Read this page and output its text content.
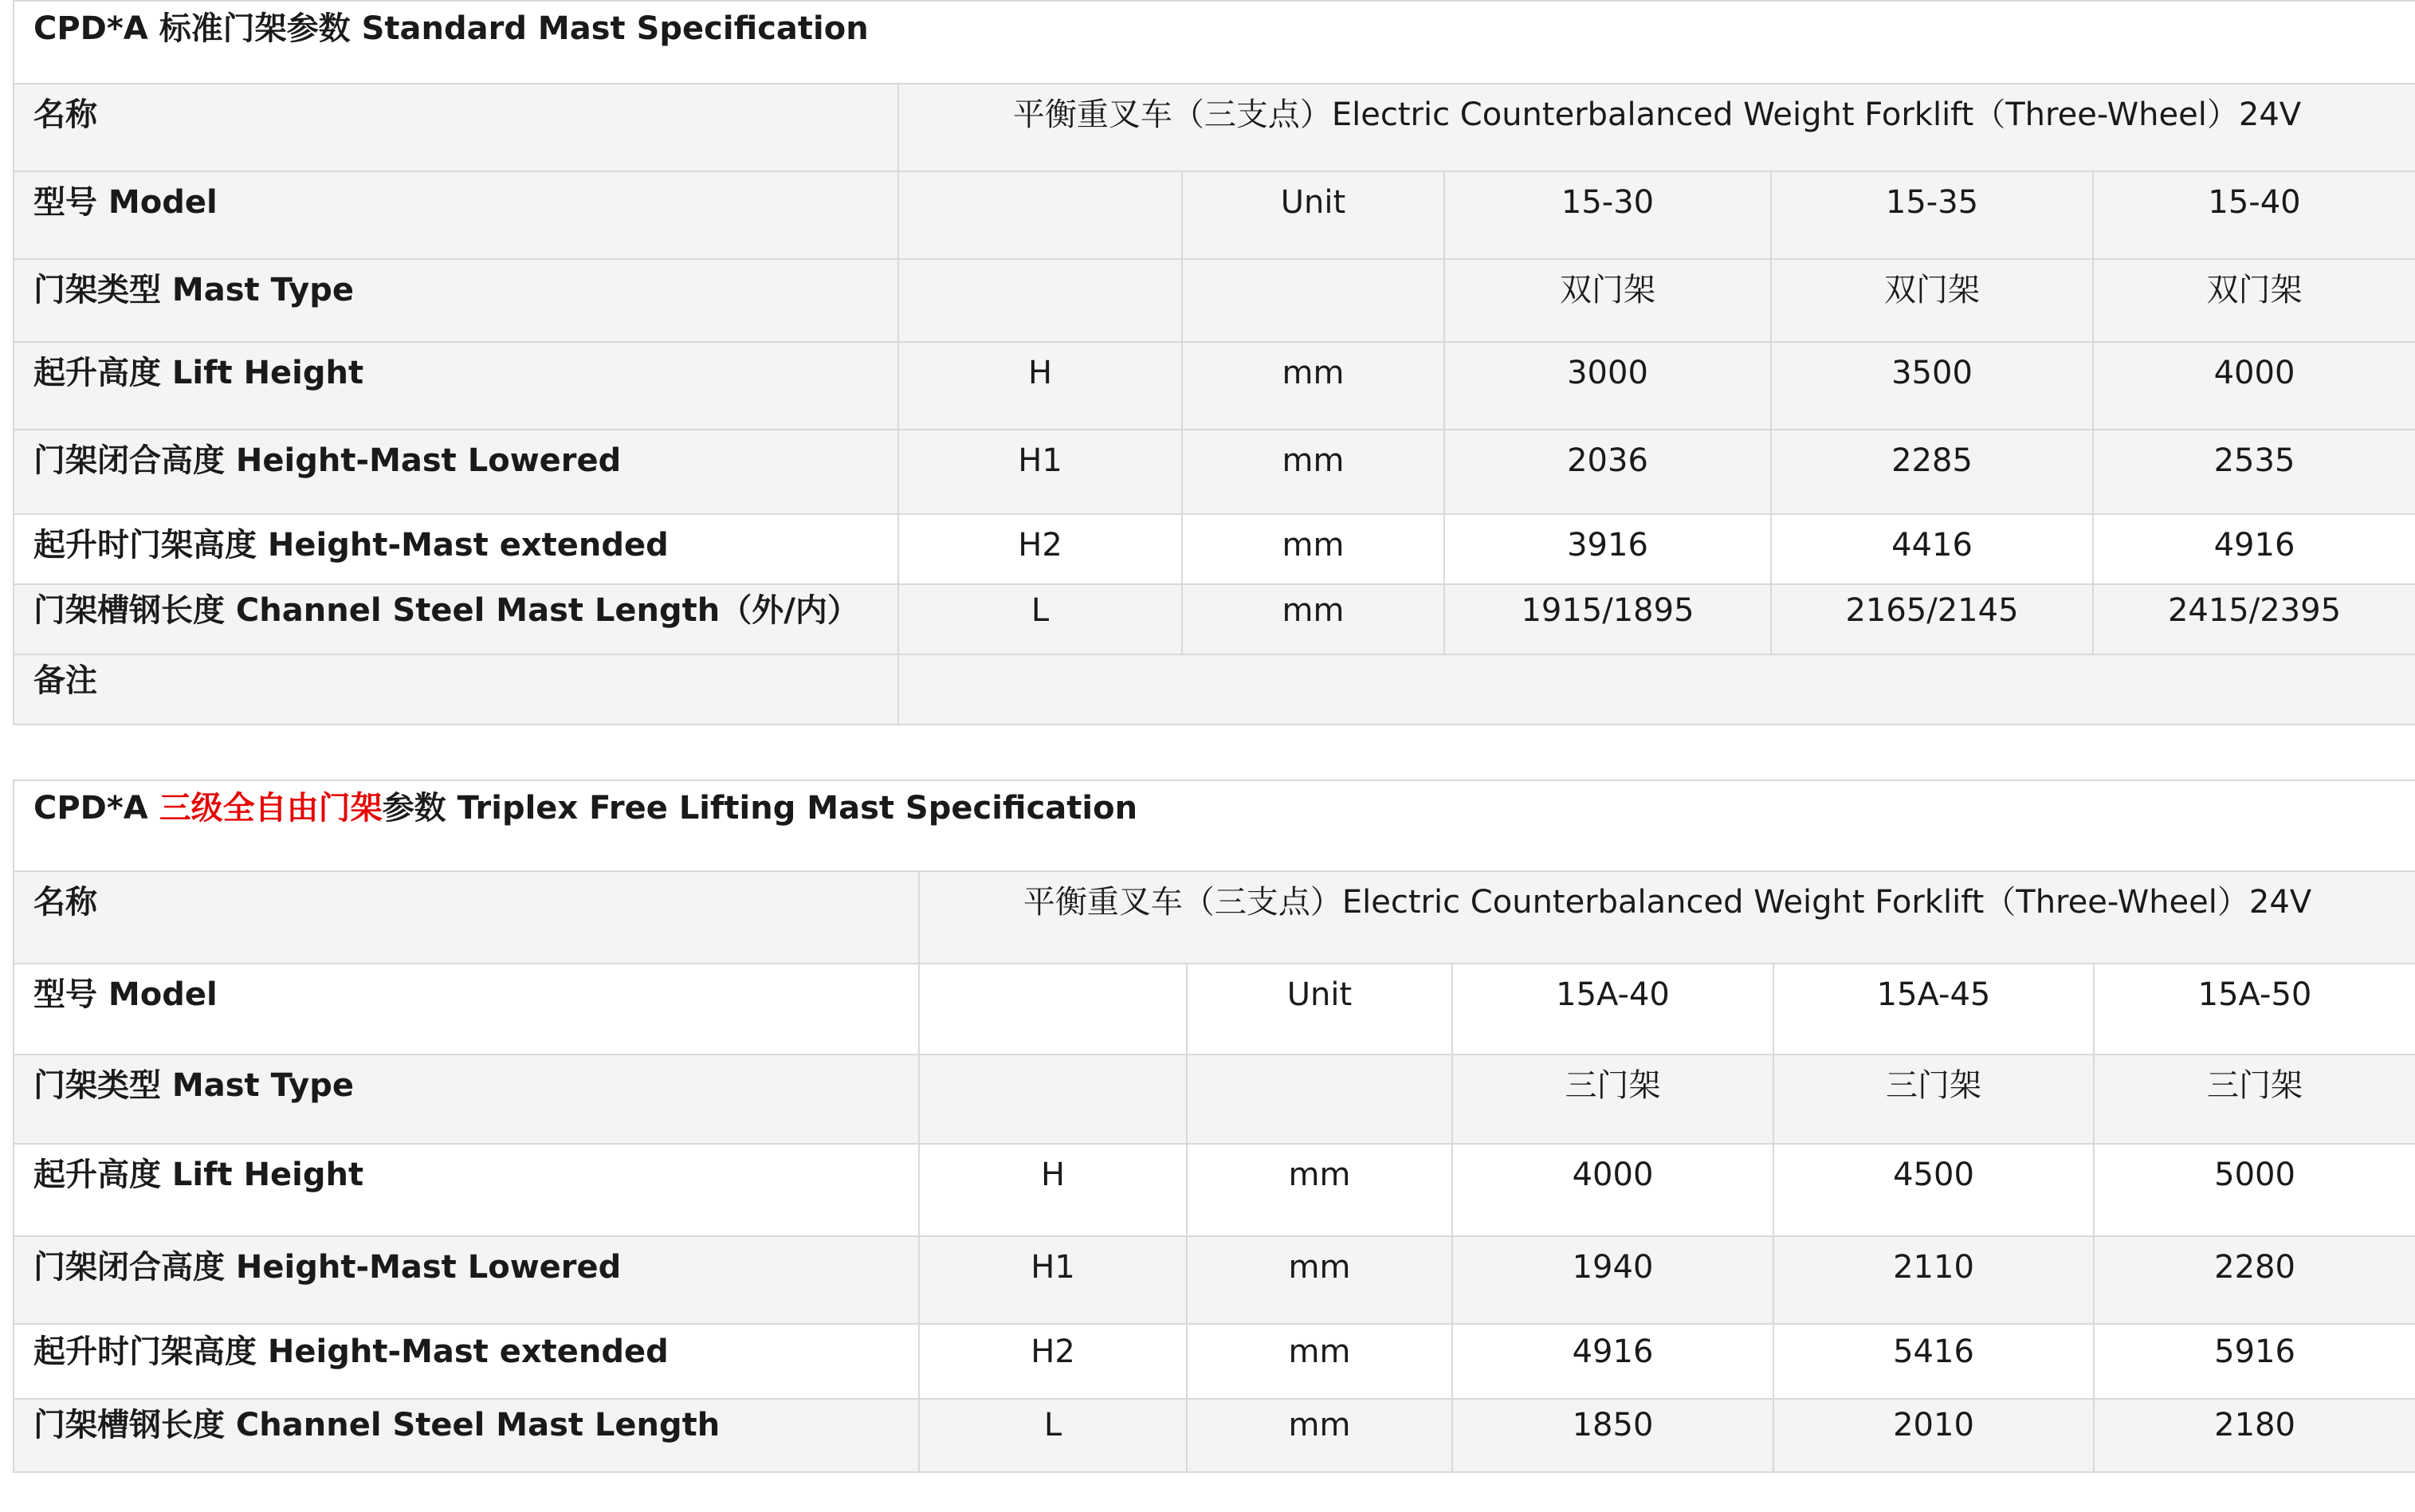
CPD*A 标准门架参数 Standard Mast Specification					
名称	平衡重叉车（三支点）Electric Counterbalanced Weight Forklift（Three-Wheel）24V				
型号 Model		Unit	15-30	15-35	15-40
门架类型 Mast Type			双门架	双门架	双门架
起升高度 Lift Height	H	mm	3000	3500	4000
门架闭合高度 Height-Mast Lowered	H1	mm	2036	2285	2535
起升时门架高度 Height-Mast extended	H2	mm	3916	4416	4916
门架槽钢长度 Channel Steel Mast Length（外/内）	L	mm	1915/1895	2165/2145	2415/2395
备注					
CPD*A 三级全自由门架参数 Triplex Free Lifting Mast Specification					
名称	平衡重叉车（三支点）Electric Counterbalanced Weight Forklift（Three-Wheel）24V				
型号 Model		Unit	15A-40	15A-45	15A-50
门架类型 Mast Type			三门架	三门架	三门架
起升高度 Lift Height	H	mm	4000	4500	5000
门架闭合高度 Height-Mast Lowered	H1	mm	1940	2110	2280
起升时门架高度 Height-Mast extended	H2	mm	4916	5416	5916
门架槽钢长度 Channel Steel Mast Length	L	mm	1850	2010	2180
